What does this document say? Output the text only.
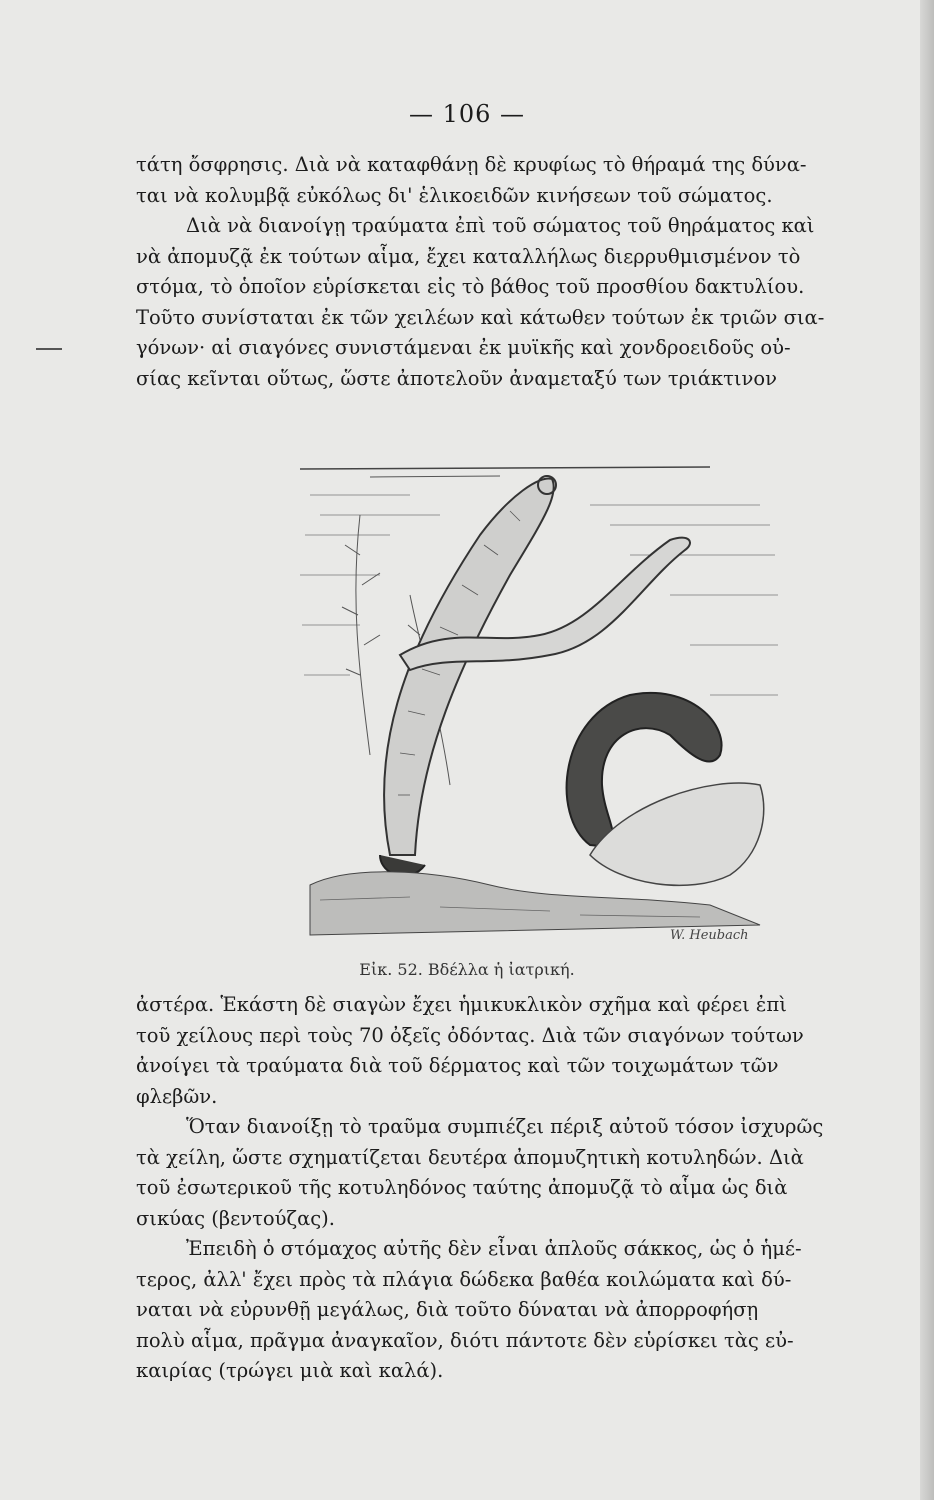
— 106 —
τάτη ὄσφρησις. Διὰ νὰ καταφθάνῃ δὲ κρυφίως τὸ θήραμά της δύνα-
ται νὰ κολυμβᾷ εὐκόλως δι' ἑλικοειδῶν κινήσεων τοῦ σώματος.
Διὰ νὰ διανοίγῃ τραύματα ἐπὶ τοῦ σώματος τοῦ θηράματος καὶ
νὰ ἀπομυζᾷ ἐκ τούτων αἷμα, ἔχει καταλλήλως διερρυθμισμένον τὸ
στόμα, τὸ ὁποῖον εὑρίσκεται εἰς τὸ βάθος τοῦ προσθίου δακτυλίου.
Τοῦτο συνίσταται ἐκ τῶν χειλέων καὶ κάτωθεν τούτων ἐκ τριῶν σια-
γόνων· αἱ σιαγόνες συνιστάμεναι ἐκ μυϊκῆς καὶ χονδροειδοῦς οὐ-
σίας κεῖνται οὕτως, ὥστε ἀποτελοῦν ἀναμεταξύ των τριάκτινον
W. Heubach
Εἰκ. 52. Βδέλλα ἡ ἰατρική.
ἀστέρα. Ἑκάστη δὲ σιαγὼν ἔχει ἡμικυκλικὸν σχῆμα καὶ φέρει ἐπὶ
τοῦ χείλους περὶ τοὺς 70 ὀξεῖς ὀδόντας. Διὰ τῶν σιαγόνων τούτων
ἀνοίγει τὰ τραύματα διὰ τοῦ δέρματος καὶ τῶν τοιχωμάτων τῶν
φλεβῶν.
Ὅταν διανοίξῃ τὸ τραῦμα συμπιέζει πέριξ αὐτοῦ τόσον ἰσχυρῶς
τὰ χείλη, ὥστε σχηματίζεται δευτέρα ἀπομυζητικὴ κοτυληδών. Διὰ
τοῦ ἐσωτερικοῦ τῆς κοτυληδόνος ταύτης ἀπομυζᾷ τὸ αἷμα ὡς διὰ
σικύας (βεντούζας).
Ἐπειδὴ ὁ στόμαχος αὐτῆς δὲν εἶναι ἁπλοῦς σάκκος, ὡς ὁ ἡμέ-
τερος, ἀλλ' ἔχει πρὸς τὰ πλάγια δώδεκα βαθέα κοιλώματα καὶ δύ-
ναται νὰ εὐρυνθῇ μεγάλως, διὰ τοῦτο δύναται νὰ ἀπορροφήσῃ
πολὺ αἷμα, πρᾶγμα ἀναγκαῖον, διότι πάντοτε δὲν εὑρίσκει τὰς εὐ-
καιρίας (τρώγει μιὰ καὶ καλά).
